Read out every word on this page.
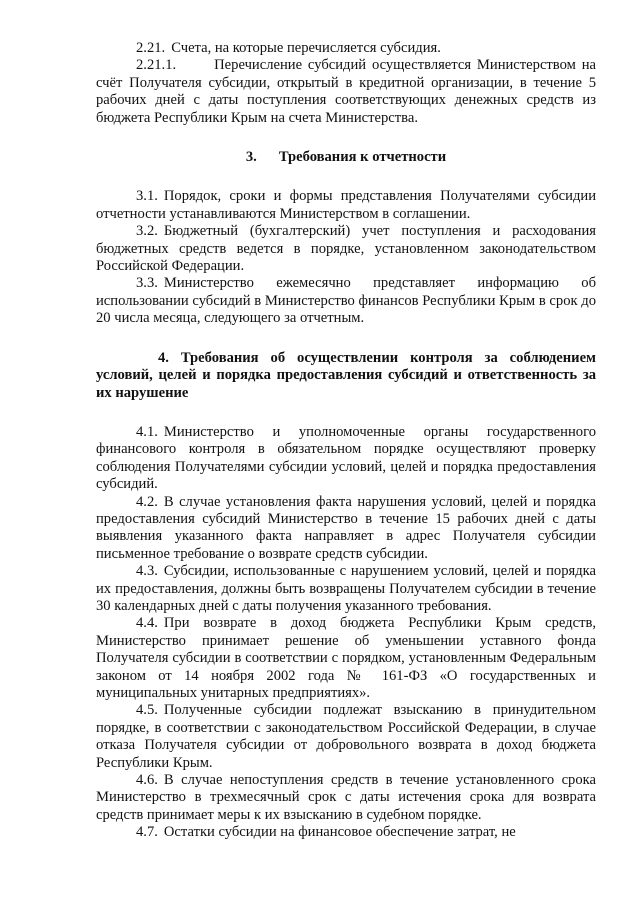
2.21. Счета, на которые перечисляется субсидия.

2.21.1.	Перечисление субсидий осуществляется Министерством на счёт Получателя субсидии, открытый в кредитной организации, в течение 5 рабочих дней с даты поступления соответствующих денежных средств из бюджета Республики Крым на счета Министерства.

3. Требования к отчетности

3.1. Порядок, сроки и формы представления Получателями субсидии отчетности устанавливаются Министерством в соглашении.

3.2. Бюджетный (бухгалтерский) учет поступления и расходования бюджетных средств ведется в порядке, установленном законодательством Российской Федерации.

3.3. Министерство ежемесячно представляет информацию об использовании субсидий в Министерство финансов Республики Крым в срок до 20 числа месяца, следующего за отчетным.

4. Требования об осуществлении контроля за соблюдением условий, целей и порядка предоставления субсидий и ответственность за их нарушение

4.1. Министерство и уполномоченные органы государственного финансового контроля в обязательном порядке осуществляют проверку соблюдения Получателями субсидии условий, целей и порядка предоставления субсидий.

4.2. В случае установления факта нарушения условий, целей и порядка предоставления субсидий Министерство в течение 15 рабочих дней с даты выявления указанного факта направляет в адрес Получателя субсидии письменное требование о возврате средств субсидии.

4.3. Субсидии, использованные с нарушением условий, целей и порядка их предоставления, должны быть возвращены Получателем субсидии в течение 30 календарных дней с даты получения указанного требования.

4.4. При возврате в доход бюджета Республики Крым средств, Министерство принимает решение об уменьшении уставного фонда Получателя субсидии в соответствии с порядком, установленным Федеральным законом от 14 ноября 2002 года № 161-ФЗ «О государственных и муниципальных унитарных предприятиях».

4.5. Полученные субсидии подлежат взысканию в принудительном порядке, в соответствии с законодательством Российской Федерации, в случае отказа Получателя субсидии от добровольного возврата в доход бюджета Республики Крым.

4.6. В случае непоступления средств в течение установленного срока Министерство в трехмесячный срок с даты истечения срока для возврата средств принимает меры к их взысканию в судебном порядке.

4.7. Остатки субсидии на финансовое обеспечение затрат, не
